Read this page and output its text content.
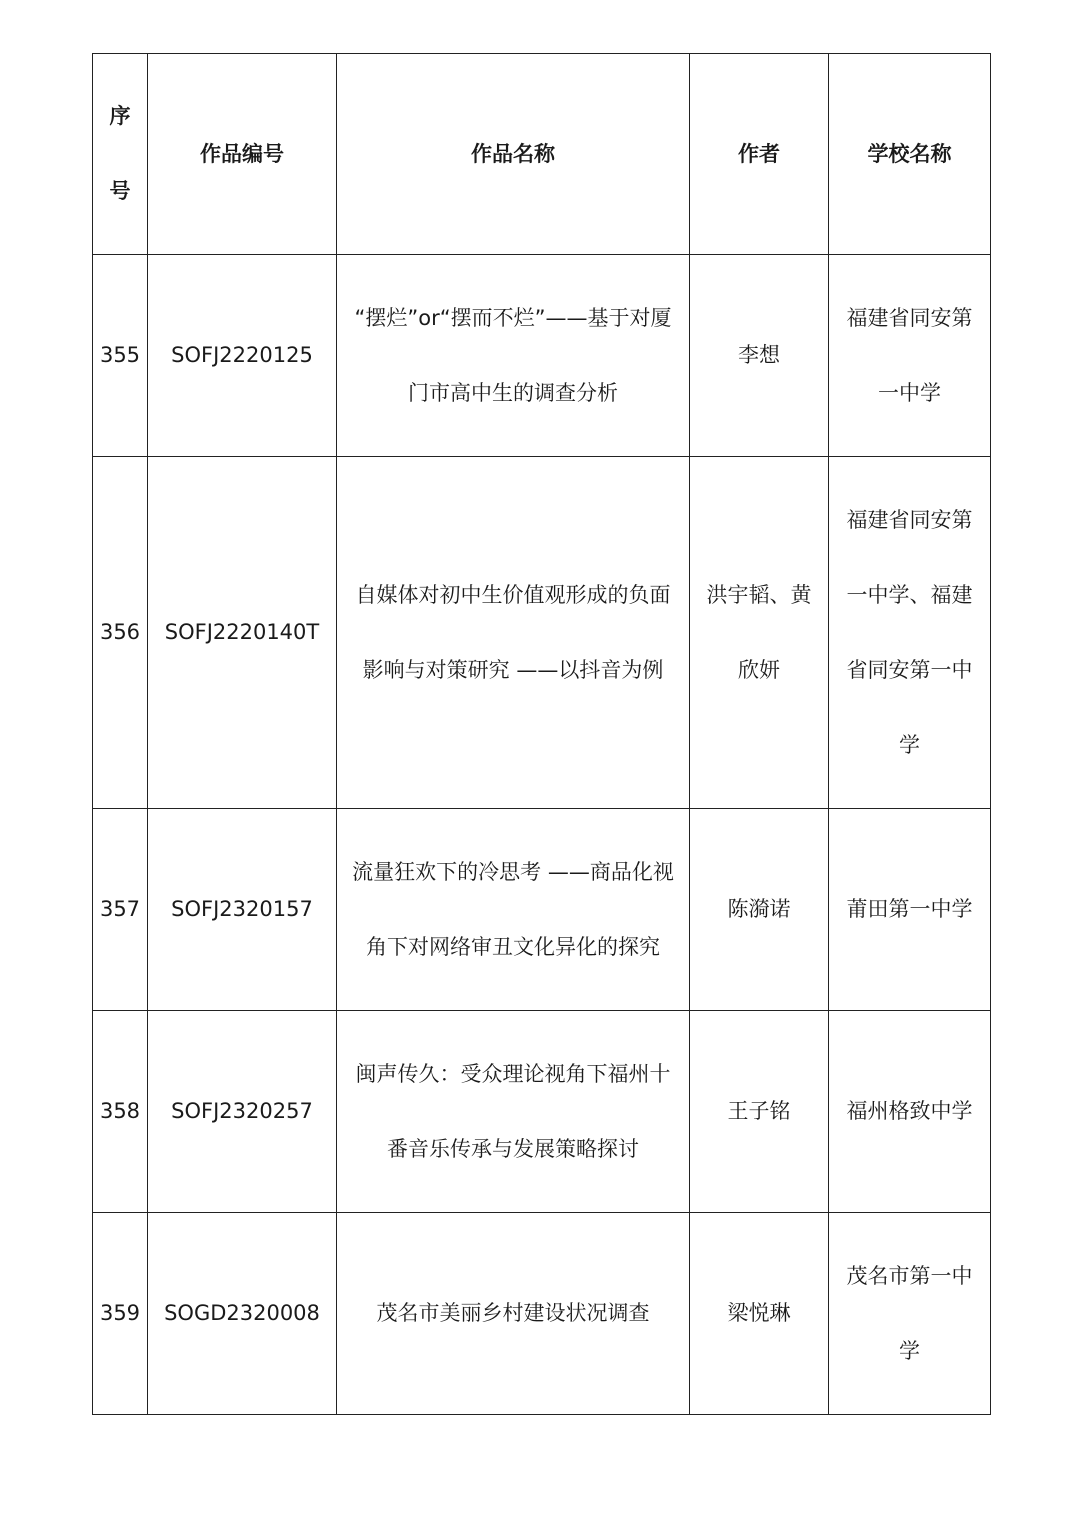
序号	作品编号	作品名称	作者	学校名称
355	SOFJ2220125	“摆烂”or“摆而不烂”——基于对厦门市高中生的调查分析	李想	福建省同安第一中学
356	SOFJ2220140T	自媒体对初中生价值观形成的负面影响与对策研究 ——以抖音为例	洪宇韬、黄欣妍	福建省同安第一中学、福建省同安第一中学
357	SOFJ2320157	流量狂欢下的冷思考 ——商品化视角下对网络审丑文化异化的探究	陈漪诺	莆田第一中学
358	SOFJ2320257	闽声传久：受众理论视角下福州十番音乐传承与发展策略探讨	王子铭	福州格致中学
359	SOGD2320008	茂名市美丽乡村建设状况调查	梁悦琳	茂名市第一中学
